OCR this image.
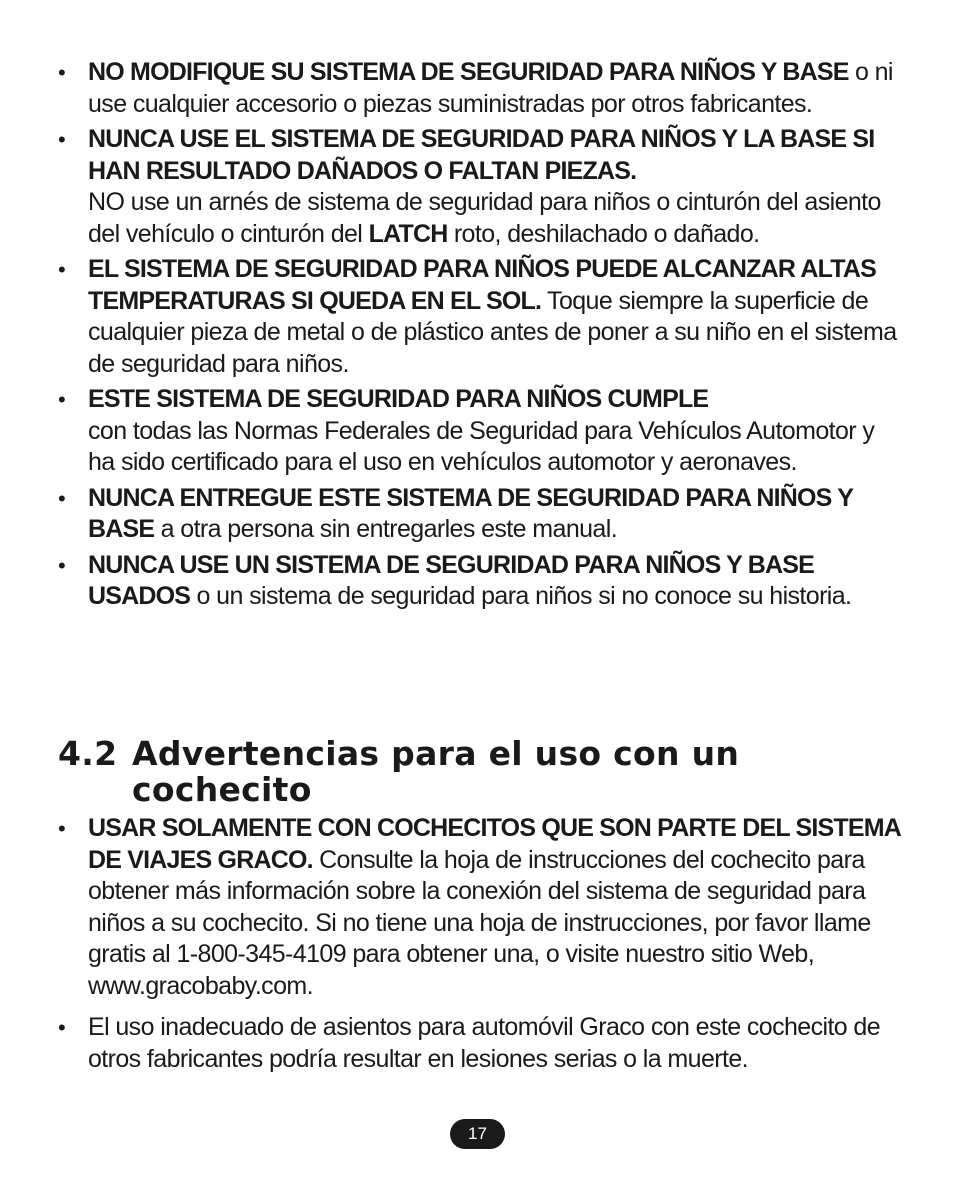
• NO MODIFIQUE SU SISTEMA DE SEGURIDAD PARA NIÑOS Y BASE o ni use cualquier accesorio o piezas suministradas por otros fabricantes.
• NUNCA USE EL SISTEMA DE SEGURIDAD PARA NIÑOS Y LA BASE SI HAN RESULTADO DAÑADOS O FALTAN PIEZAS.
NO use un arnés de sistema de seguridad para niños o cinturón del asiento del vehículo o cinturón del LATCH roto, deshilachado o dañado.
• EL SISTEMA DE SEGURIDAD PARA NIÑOS PUEDE ALCANZAR ALTAS TEMPERATURAS SI QUEDA EN EL SOL. Toque siempre la superficie de cualquier pieza de metal o de plástico antes de poner a su niño en el sistema de seguridad para niños.
• ESTE SISTEMA DE SEGURIDAD PARA NIÑOS CUMPLE
con todas las Normas Federales de Seguridad para Vehículos Automotor y ha sido certificado para el uso en vehículos automotor y aeronaves.
• NUNCA ENTREGUE ESTE SISTEMA DE SEGURIDAD PARA NIÑOS Y BASE a otra persona sin entregarles este manual.
• NUNCA USE UN SISTEMA DE SEGURIDAD PARA NIÑOS Y BASE USADOS o un sistema de seguridad para niños si no conoce su historia.
4.2 Advertencias para el uso con un cochecito
• USAR SOLAMENTE CON COCHECITOS QUE SON PARTE DEL SISTEMA DE VIAJES GRACO. Consulte la hoja de instrucciones del cochecito para obtener más información sobre la conexión del sistema de seguridad para niños a su cochecito. Si no tiene una hoja de instrucciones, por favor llame gratis al 1-800-345-4109 para obtener una, o visite nuestro sitio Web, www.gracobaby.com.
• El uso inadecuado de asientos para automóvil Graco con este cochecito de otros fabricantes podría resultar en lesiones serias o la muerte.
17
